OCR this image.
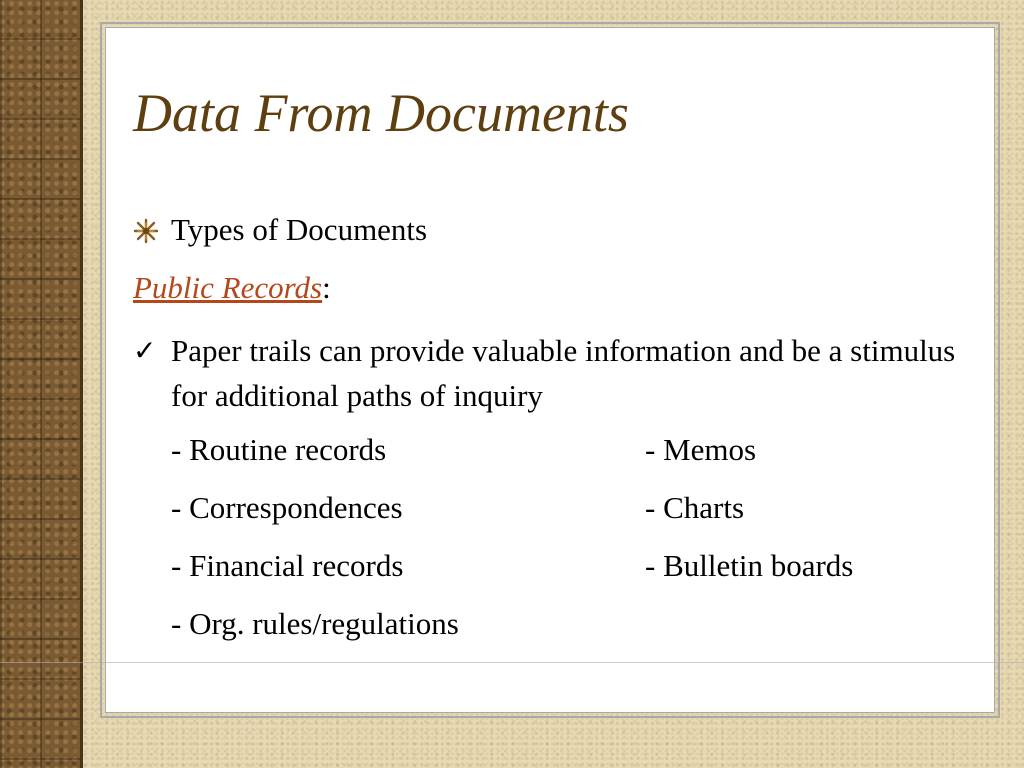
Data From Documents
Types of Documents
Public Records:
✓ Paper trails can provide valuable information and be a stimulus for additional paths of inquiry
- Routine records	- Memos
- Correspondences	- Charts
- Financial records	- Bulletin boards
- Org. rules/regulations
